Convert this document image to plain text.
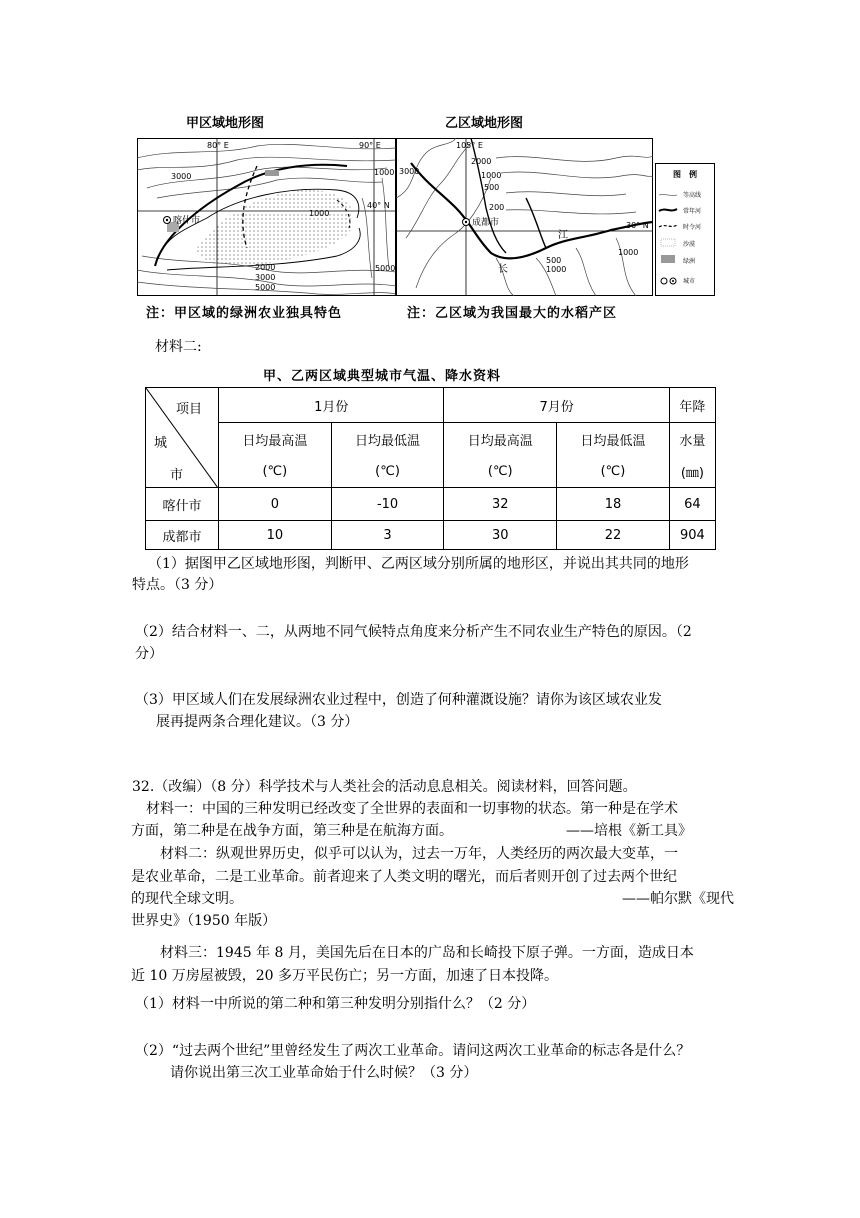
甲区域地形图	乙区域地形图
80° E	90° E
40° N
喀什市
3000	1000
1000
2000
3000
5000
5000
105° E
30° N
成都市
长
江
3000
2000
1000
500
200
500
1000
1000
图　例
等高线
常年河
时令河
沙漠
绿洲
城市
注：甲区域的绿洲农业独具特色	注：乙区域为我国最大的水稻产区
材料二:
甲、乙两区域典型城市气温、降水资料
项目
城
市	1月份		7月份		年降
	日均最高温	日均最低温	日均最高温	日均最低温	水量
	(℃)	(℃)	(℃)	(℃)	(㎜)
喀什市	0	-10	32	18	64
成都市	10	3	30	22	904
（1）据图甲乙区域地形图，判断甲、乙两区域分别所属的地形区，并说出其共同的地形
特点。（3 分）
（2）结合材料一、二，从两地不同气候特点角度来分析产生不同农业生产特色的原因。（2
分）
（3）甲区域人们在发展绿洲农业过程中，创造了何种灌溉设施？请你为该区域农业发
展再提两条合理化建议。（3 分）
32.（改编）（8 分）科学技术与人类社会的活动息息相关。阅读材料，回答问题。
材料一：中国的三种发明已经改变了全世界的表面和一切事物的状态。第一种是在学术
方面，第二种是在战争方面，第三种是在航海方面。	——培根《新工具》
材料二：纵观世界历史，似乎可以认为，过去一万年，人类经历的两次最大变革，一
是农业革命，二是工业革命。前者迎来了人类文明的曙光，而后者则开创了过去两个世纪
的现代全球文明。	——帕尔默《现代
世界史》（1950 年版）
材料三：1945 年 8 月，美国先后在日本的广岛和长崎投下原子弹。一方面，造成日本
近 10 万房屋被毁，20 多万平民伤亡；另一方面，加速了日本投降。
（1）材料一中所说的第二种和第三种发明分别指什么？（2 分）
（2）“过去两个世纪”里曾经发生了两次工业革命。请问这两次工业革命的标志各是什么？
请你说出第三次工业革命始于什么时候？（3 分）
